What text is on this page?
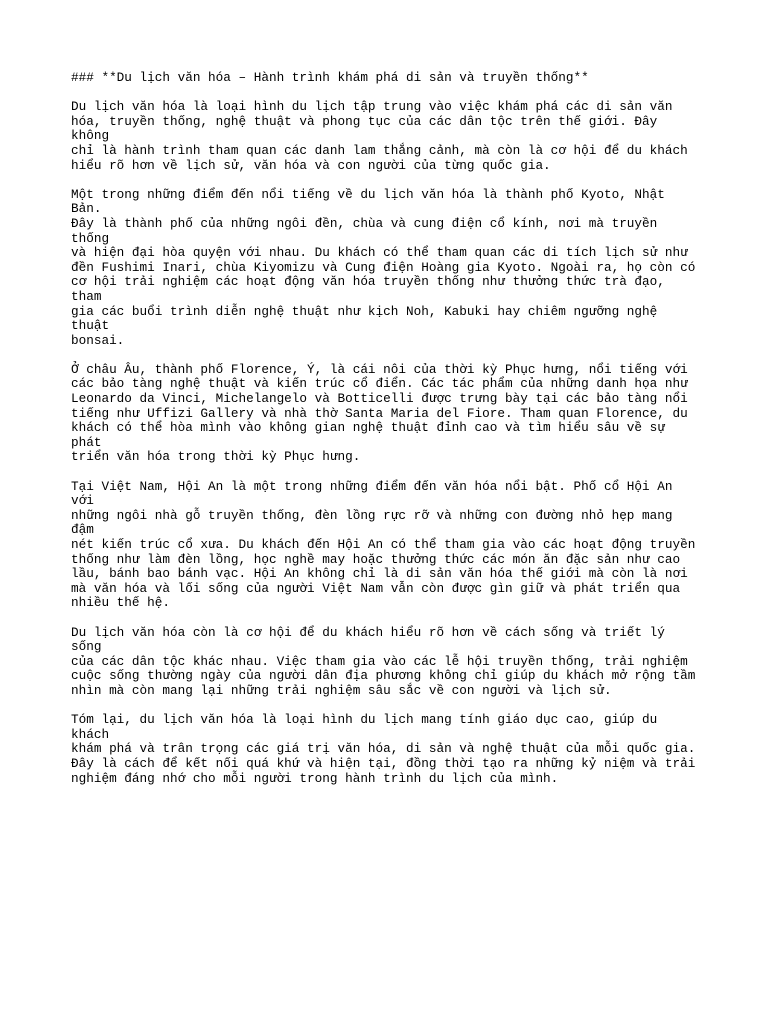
### **Du lịch văn hóa – Hành trình khám phá di sản và truyền thống**

Du lịch văn hóa là loại hình du lịch tập trung vào việc khám phá các di sản văn
hóa, truyền thống, nghệ thuật và phong tục của các dân tộc trên thế giới. Đây không
chỉ là hành trình tham quan các danh lam thắng cảnh, mà còn là cơ hội để du khách
hiểu rõ hơn về lịch sử, văn hóa và con người của từng quốc gia.

Một trong những điểm đến nổi tiếng về du lịch văn hóa là thành phố Kyoto, Nhật Bản.
Đây là thành phố của những ngôi đền, chùa và cung điện cổ kính, nơi mà truyền thống
và hiện đại hòa quyện với nhau. Du khách có thể tham quan các di tích lịch sử như
đền Fushimi Inari, chùa Kiyomizu và Cung điện Hoàng gia Kyoto. Ngoài ra, họ còn có
cơ hội trải nghiệm các hoạt động văn hóa truyền thống như thưởng thức trà đạo, tham
gia các buổi trình diễn nghệ thuật như kịch Noh, Kabuki hay chiêm ngưỡng nghệ thuật
bonsai.

Ở châu Âu, thành phố Florence, Ý, là cái nôi của thời kỳ Phục hưng, nổi tiếng với
các bảo tàng nghệ thuật và kiến trúc cổ điển. Các tác phẩm của những danh họa như
Leonardo da Vinci, Michelangelo và Botticelli được trưng bày tại các bảo tàng nổi
tiếng như Uffizi Gallery và nhà thờ Santa Maria del Fiore. Tham quan Florence, du
khách có thể hòa mình vào không gian nghệ thuật đỉnh cao và tìm hiểu sâu về sự phát
triển văn hóa trong thời kỳ Phục hưng.

Tại Việt Nam, Hội An là một trong những điểm đến văn hóa nổi bật. Phố cổ Hội An với
những ngôi nhà gỗ truyền thống, đèn lồng rực rỡ và những con đường nhỏ hẹp mang đậm
nét kiến trúc cổ xưa. Du khách đến Hội An có thể tham gia vào các hoạt động truyền
thống như làm đèn lồng, học nghề may hoặc thưởng thức các món ăn đặc sản như cao
lầu, bánh bao bánh vạc. Hội An không chỉ là di sản văn hóa thế giới mà còn là nơi
mà văn hóa và lối sống của người Việt Nam vẫn còn được gìn giữ và phát triển qua
nhiều thế hệ.

Du lịch văn hóa còn là cơ hội để du khách hiểu rõ hơn về cách sống và triết lý sống
của các dân tộc khác nhau. Việc tham gia vào các lễ hội truyền thống, trải nghiệm
cuộc sống thường ngày của người dân địa phương không chỉ giúp du khách mở rộng tầm
nhìn mà còn mang lại những trải nghiệm sâu sắc về con người và lịch sử.

Tóm lại, du lịch văn hóa là loại hình du lịch mang tính giáo dục cao, giúp du khách
khám phá và trân trọng các giá trị văn hóa, di sản và nghệ thuật của mỗi quốc gia.
Đây là cách để kết nối quá khứ và hiện tại, đồng thời tạo ra những kỷ niệm và trải
nghiệm đáng nhớ cho mỗi người trong hành trình du lịch của mình.
